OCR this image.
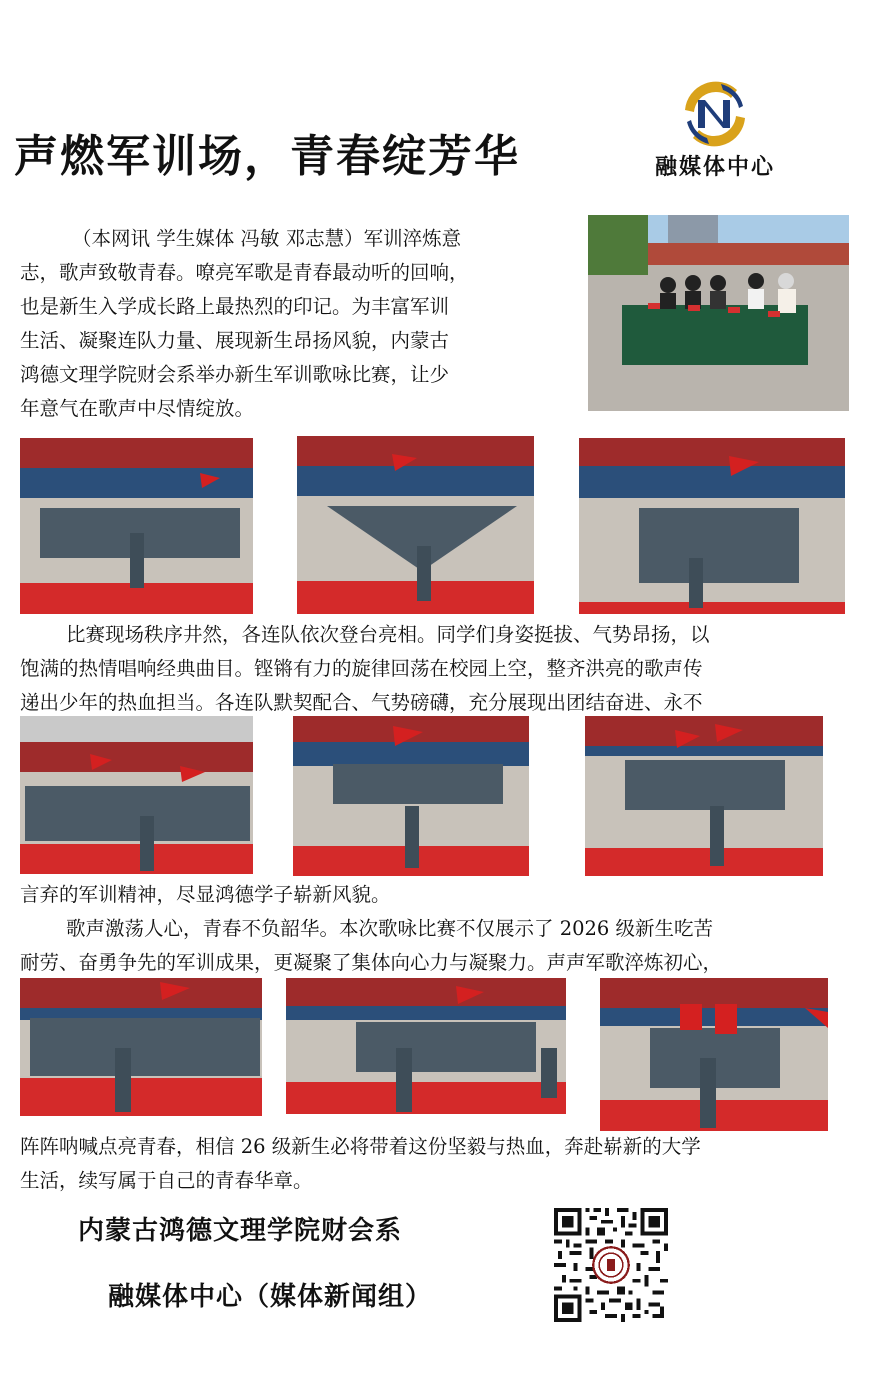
声燃军训场，青春绽芳华	融媒体中心
（本网讯 学生媒体 冯敏 邓志慧）军训淬炼意
志，歌声致敬青春。嘹亮军歌是青春最动听的回响，
也是新生入学成长路上最热烈的印记。为丰富军训
生活、凝聚连队力量、展现新生昂扬风貌，内蒙古
鸿德文理学院财会系举办新生军训歌咏比赛，让少
年意气在歌声中尽情绽放。
比赛现场秩序井然，各连队依次登台亮相。同学们身姿挺拔、气势昂扬，以
饱满的热情唱响经典曲目。铿锵有力的旋律回荡在校园上空，整齐洪亮的歌声传
递出少年的热血担当。各连队默契配合、气势磅礴，充分展现出团结奋进、永不
言弃的军训精神，尽显鸿德学子崭新风貌。
歌声激荡人心，青春不负韶华。本次歌咏比赛不仅展示了 2026 级新生吃苦
耐劳、奋勇争先的军训成果，更凝聚了集体向心力与凝聚力。声声军歌淬炼初心，
阵阵呐喊点亮青春，相信 26 级新生必将带着这份坚毅与热血，奔赴崭新的大学
生活，续写属于自己的青春华章。
内蒙古鸿德文理学院财会系
融媒体中心（媒体新闻组）
